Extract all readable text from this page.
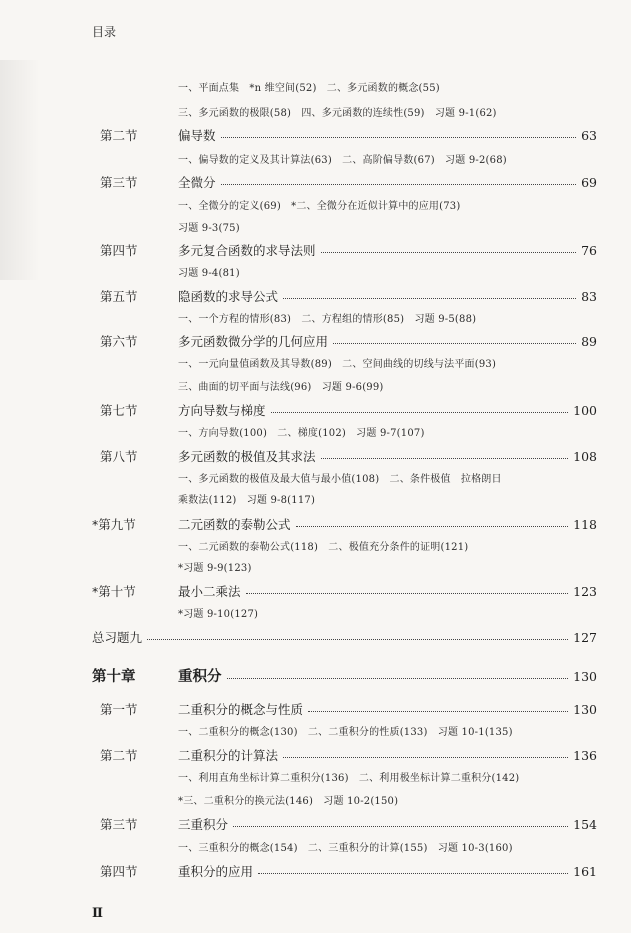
目录
一、平面点集　*n 维空间(52)　二、多元函数的概念(55)
三、多元函数的极限(58)　四、多元函数的连续性(59)　习题 9-1(62)
第二节	偏导数	63
一、偏导数的定义及其计算法(63)　二、高阶偏导数(67)　习题 9-2(68)
第三节	全微分	69
一、全微分的定义(69)　*二、全微分在近似计算中的应用(73)
习题 9-3(75)
第四节	多元复合函数的求导法则	76
习题 9-4(81)
第五节	隐函数的求导公式	83
一、一个方程的情形(83)　二、方程组的情形(85)　习题 9-5(88)
第六节	多元函数微分学的几何应用	89
一、一元向量值函数及其导数(89)　二、空间曲线的切线与法平面(93)
三、曲面的切平面与法线(96)　习题 9-6(99)
第七节	方向导数与梯度	100
一、方向导数(100)　二、梯度(102)　习题 9-7(107)
第八节	多元函数的极值及其求法	108
一、多元函数的极值及最大值与最小值(108)　二、条件极值　拉格朗日
乘数法(112)　习题 9-8(117)
*第九节	二元函数的泰勒公式	118
一、二元函数的泰勒公式(118)　二、极值充分条件的证明(121)
*习题 9-9(123)
*第十节	最小二乘法	123
*习题 9-10(127)
总习题九	127
第十章	重积分	130
第一节	二重积分的概念与性质	130
一、二重积分的概念(130)　二、二重积分的性质(133)　习题 10-1(135)
第二节	二重积分的计算法	136
一、利用直角坐标计算二重积分(136)　二、利用极坐标计算二重积分(142)
*三、二重积分的换元法(146)　习题 10-2(150)
第三节	三重积分	154
一、三重积分的概念(154)　二、三重积分的计算(155)　习题 10-3(160)
第四节	重积分的应用	161
Ⅱ
